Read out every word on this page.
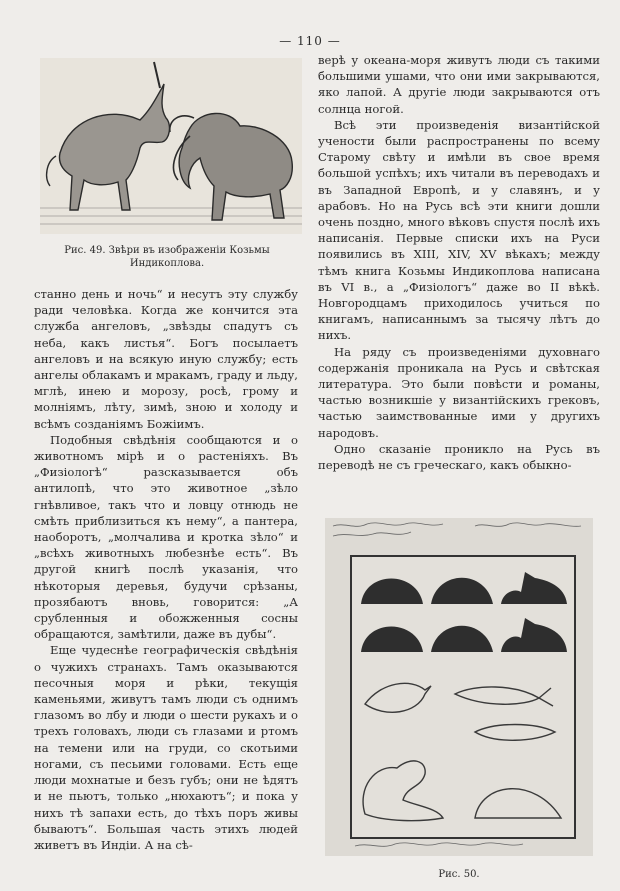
— 110 —
Рис. 49. Звѣри въ изображеніи Козьмы Индикоплова.

станно день и ночь“ и несутъ эту службу ради человѣка. Когда же кончится эта служба ангеловъ, „звѣзды спадутъ съ неба, какъ листья“. Богъ посылаетъ ангеловъ и на всякую иную службу; есть ангелы облакамъ и мракамъ, граду и льду, мглѣ, инею и морозу, росѣ, грому и молніямъ, лѣту, зимѣ, зною и холоду и всѣмъ созданіямъ Божіимъ.

Подобныя свѣдѣнія сообщаются и о животномъ мірѣ и о растеніяхъ. Въ „Физіологѣ“ разсказывается объ антилопѣ, что это животное „зѣло гнѣвливое, такъ что и ловцу отнюдь не смѣть приблизиться къ нему“, а пантера, наоборотъ, „молчалива и кротка зѣло“ и „всѣхъ животныхъ любезнѣе есть“. Въ другой книгѣ послѣ указанія, что нѣкоторыя деревья, будучи срѣзаны, прозябаютъ вновь, говорится: „А срубленныя и обожженныя сосны обращаются, замѣтили, даже въ дубы“.

Еще чудеснѣе географическія свѣдѣнія о чужихъ странахъ. Тамъ оказываются песочныя моря и рѣки, текущія каменьями, живутъ тамъ люди съ однимъ глазомъ во лбу и люди о шести рукахъ и о трехъ головахъ, люди съ глазами и ртомъ на темени или на груди, со скотьими ногами, съ песьими головами. Есть еще люди мохнатые и безъ губъ; они не ѣдятъ и не пьютъ, только „нюхаютъ“; и пока у нихъ тѣ запахи есть, до тѣхъ поръ живы бываютъ“. Большая часть этихъ людей живетъ въ Индіи. А на сѣ-

верѣ у океана-моря живутъ люди съ такими большими ушами, что они ими закрываются, яко лапой. А другіе люди закрываются отъ солнца ногой.

Всѣ эти произведенія византійской учености были распространены по всему Старому свѣту и имѣли въ свое время большой успѣхъ; ихъ читали въ переводахъ и въ Западной Европѣ, и у славянъ, и у арабовъ. Но на Русь всѣ эти книги дошли очень поздно, много вѣковъ спустя послѣ ихъ написанія. Первые списки ихъ на Руси появились въ XIII, XIV, XV вѣкахъ; между тѣмъ книга Козьмы Индикоплова написана въ VI в., а „Физіологъ“ даже во II вѣкѣ. Новгородцамъ приходилось учиться по книгамъ, написаннымъ за тысячу лѣтъ до нихъ.

На ряду съ произведеніями духовнаго содержанія проникала на Русь и свѣтская литература. Это были повѣсти и романы, частью возникшіе у византійскихъ грековъ, частью заимствованные ими у другихъ народовъ.

Одно сказаніе проникло на Русь въ переводѣ не съ греческаго, какъ обыкно-

Рис. 50.
